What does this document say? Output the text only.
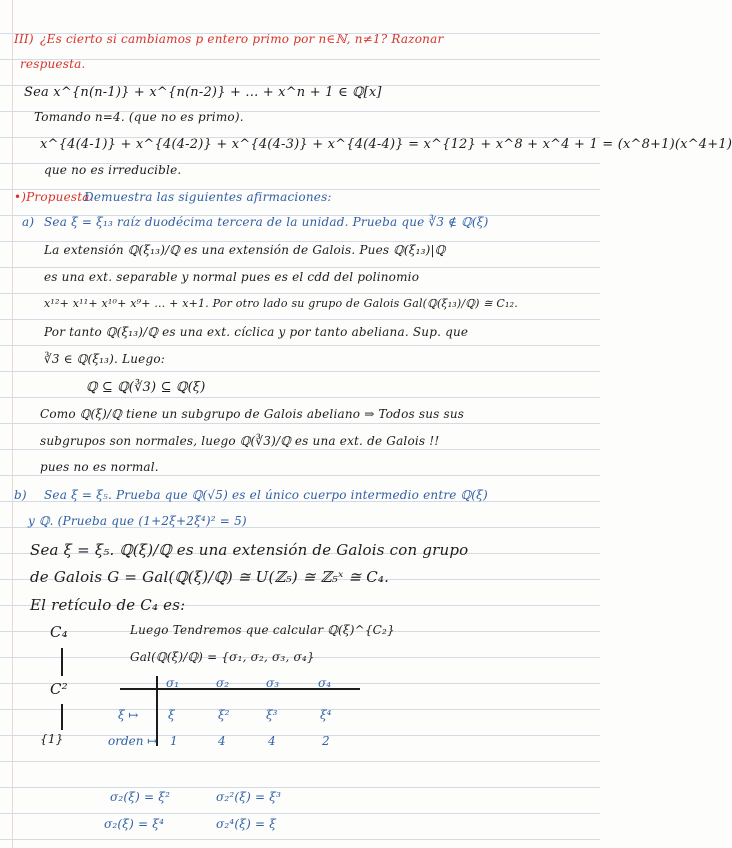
III) ¿Es cierto si cambiamos p entero primo por n∈ℕ, n≠1? Razonar
respuesta.
Sea x^{n(n-1)} + x^{n(n-2)} + ... + x^n + 1 ∈ ℚ[x]
Tomando n=4. (que no es primo).
x^{4(4-1)} + x^{4(4-2)} + x^{4(4-3)} + x^{4(4-4)} = x^{12} + x^8 + x^4 + 1 = (x^8+1)(x^4+1)
que no es irreducible.
•)Propuesta.
Demuestra las siguientes afirmaciones:
a) Sea ξ = ξ₁₃ raíz duodécima tercera de la unidad. Prueba que ∛3 ∉ ℚ(ξ)
La extensión ℚ(ξ₁₃)/ℚ es una extensión de Galois. Pues ℚ(ξ₁₃)|ℚ
es una ext. separable y normal pues es el cdd del polinomio
x¹²+ x¹¹+ x¹⁰+ x⁹+ ... + x+1. Por otro lado su grupo de Galois Gal(ℚ(ξ₁₃)/ℚ) ≅ C₁₂.
Por tanto ℚ(ξ₁₃)/ℚ es una ext. cíclica y por tanto abeliana. Sup. que
∛3 ∈ ℚ(ξ₁₃). Luego:
ℚ ⊆ ℚ(∛3) ⊆ ℚ(ξ)
Como ℚ(ξ)/ℚ tiene un subgrupo de Galois abeliano ⇒ Todos sus sus
subgrupos son normales, luego ℚ(∛3)/ℚ es una ext. de Galois !!
pues no es normal.
b) Sea ξ = ξ₅. Prueba que ℚ(√5) es el único cuerpo intermedio entre ℚ(ξ)
y ℚ. (Prueba que (1+2ξ+2ξ⁴)² = 5)
Sea ξ = ξ₅. ℚ(ξ)/ℚ es una extensión de Galois con grupo
de Galois G = Gal(ℚ(ξ)/ℚ) ≅ U(ℤ₅) ≅ ℤ₅ˣ ≅ C₄.
El retículo de C₄ es:
C₄
C²
{1}
Luego Tendremos que calcular ℚ(ξ)^{C₂}
Gal(ℚ(ξ)/ℚ) = {σ₁, σ₂, σ₃, σ₄}
σ₁	σ₂	σ₃	σ₄
ξ ↦ ξ	ξ²	ξ³	ξ⁴
orden ↦ 1	4	4	2
σ₂(ξ) = ξ²	σ₂²(ξ) = ξ³
σ₂(ξ) = ξ⁴	σ₂⁴(ξ) = ξ
